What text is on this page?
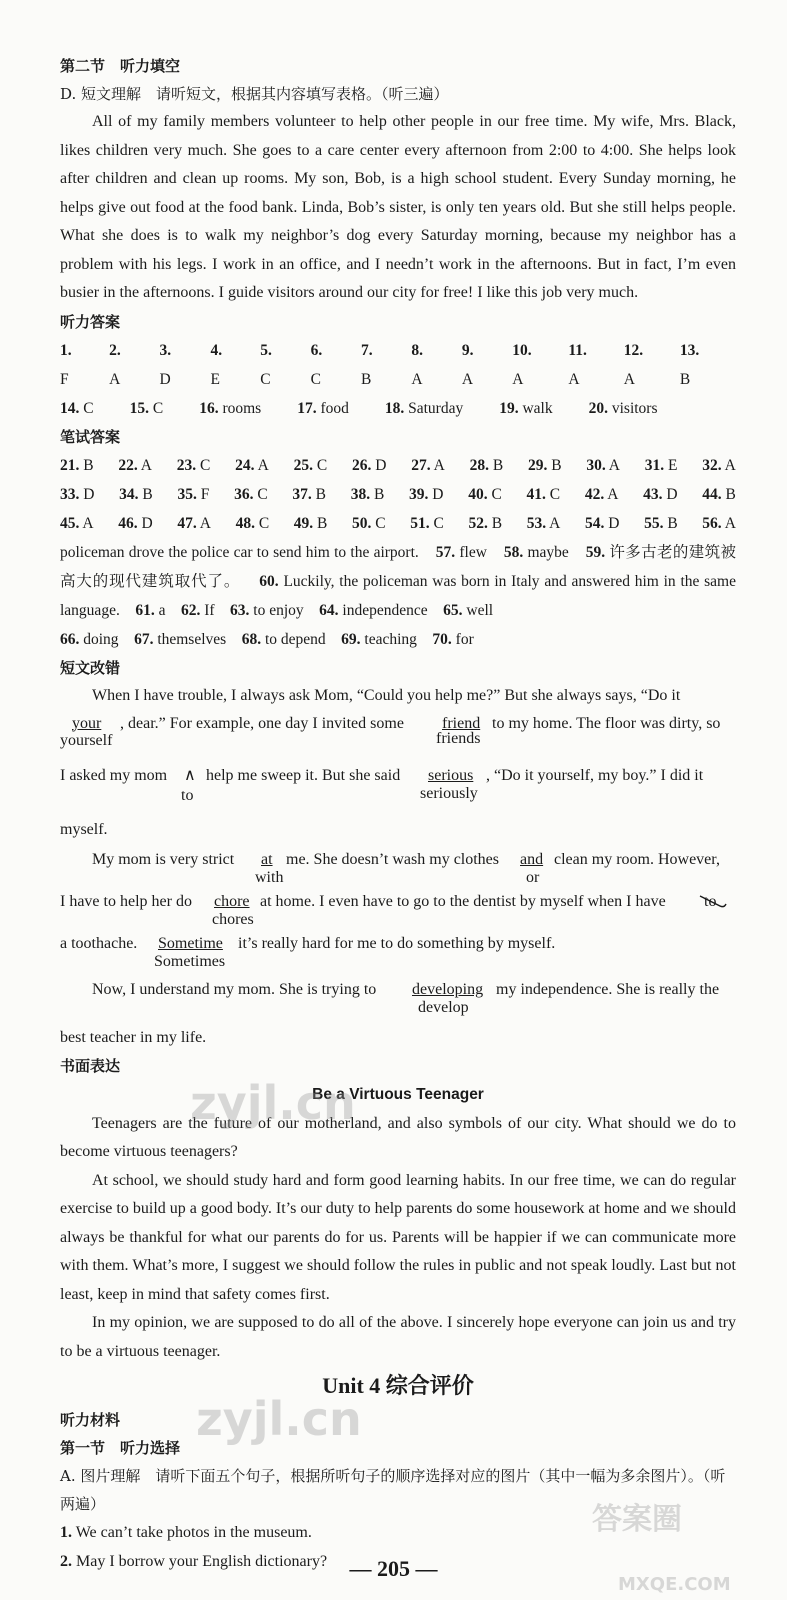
第二节　听力填空
D. 短文理解　请听短文，根据其内容填写表格。（听三遍）

All of my family members volunteer to help other people in our free time. My wife, Mrs. Black, likes children very much. She goes to a care center every afternoon from 2:00 to 4:00. She helps look after children and clean up rooms. My son, Bob, is a high school student. Every Sunday morning, he helps give out food at the food bank. Linda, Bob’s sister, is only ten years old. But she still helps people. What she does is to walk my neighbor’s dog every Saturday morning, because my neighbor has a problem with his legs. I work in an office, and I needn’t work in the afternoons. But in fact, I’m even busier in the afternoons. I guide visitors around our city for free! I like this job very much.

听力答案
1. F
2. A
3. D
4. E
5. C
6. C
7. B
8. A
9. A
10. A
11. A
12. A
13. B
14. C	15. C	16. rooms	17. food	18. Saturday	19. walk	20. visitors
笔试答案
21. B 22. A 23. C 24. A 25. C 26. D 27. A 28. B 29. B 30. A 31. E 32. A
33. D 34. B 35. F 36. C 37. B 38. B 39. D 40. C 41. C 42. A 43. D 44. B
45. A 46. D 47. A 48. C 49. B 50. C 51. C 52. B 53. A 54. D 55. B 56. A
policeman drove the police car to send him to the airport. 57. flew 58. maybe 59. 许多古老的建筑被高大的现代建筑取代了。 60. Luckily, the policeman was born in Italy and answered him in the same language. 61. a 62. If 63. to enjoy 64. independence 65. well
66. doing 67. themselves 68. to depend 69. teaching 70. for
短文改错
When I have trouble, I always ask Mom, “Could you help me?” But she always says, “Do it
your
yourself
, dear.” For example, one day I invited some friend
friends
to my home. The floor was dirty, so
I asked my mom ∧
to
help me sweep it. But she said serious
seriously
, “Do it yourself, my boy.” I did it
myself.
My mom is very strict at
with
me. She doesn’t wash my clothes and
or
clean my room. However,
I have to help her do chore
chores
at home. I even have to go to the dentist by myself when I have to
a toothache. Sometime
Sometimes
it’s really hard for me to do something by myself.
Now, I understand my mom. She is trying to developing
develop
my independence. She is really the
best teacher in my life.
书面表达
Be a Virtuous Teenager

Teenagers are the future of our motherland, and also symbols of our city. What should we do to become virtuous teenagers?

At school, we should study hard and form good learning habits. In our free time, we can do regular exercise to build up a good body. It’s our duty to help parents do some housework at home and we should always be thankful for what our parents do for us. Parents will be happier if we can communicate more with them. What’s more, I suggest we should follow the rules in public and not speak loudly. Last but not least, keep in mind that safety comes first.

In my opinion, we are supposed to do all of the above. I sincerely hope everyone can join us and try to be a virtuous teenager.

Unit 4 综合评价
听力材料
第一节　听力选择
A. 图片理解　请听下面五个句子，根据所听句子的顺序选择对应的图片（其中一幅为多余图片）。（听两遍）
1. We can’t take photos in the museum.
2. May I borrow your English dictionary?	— 205 —
zyjl.cn
zyjl.cn
答案圈
MXQE.COM
